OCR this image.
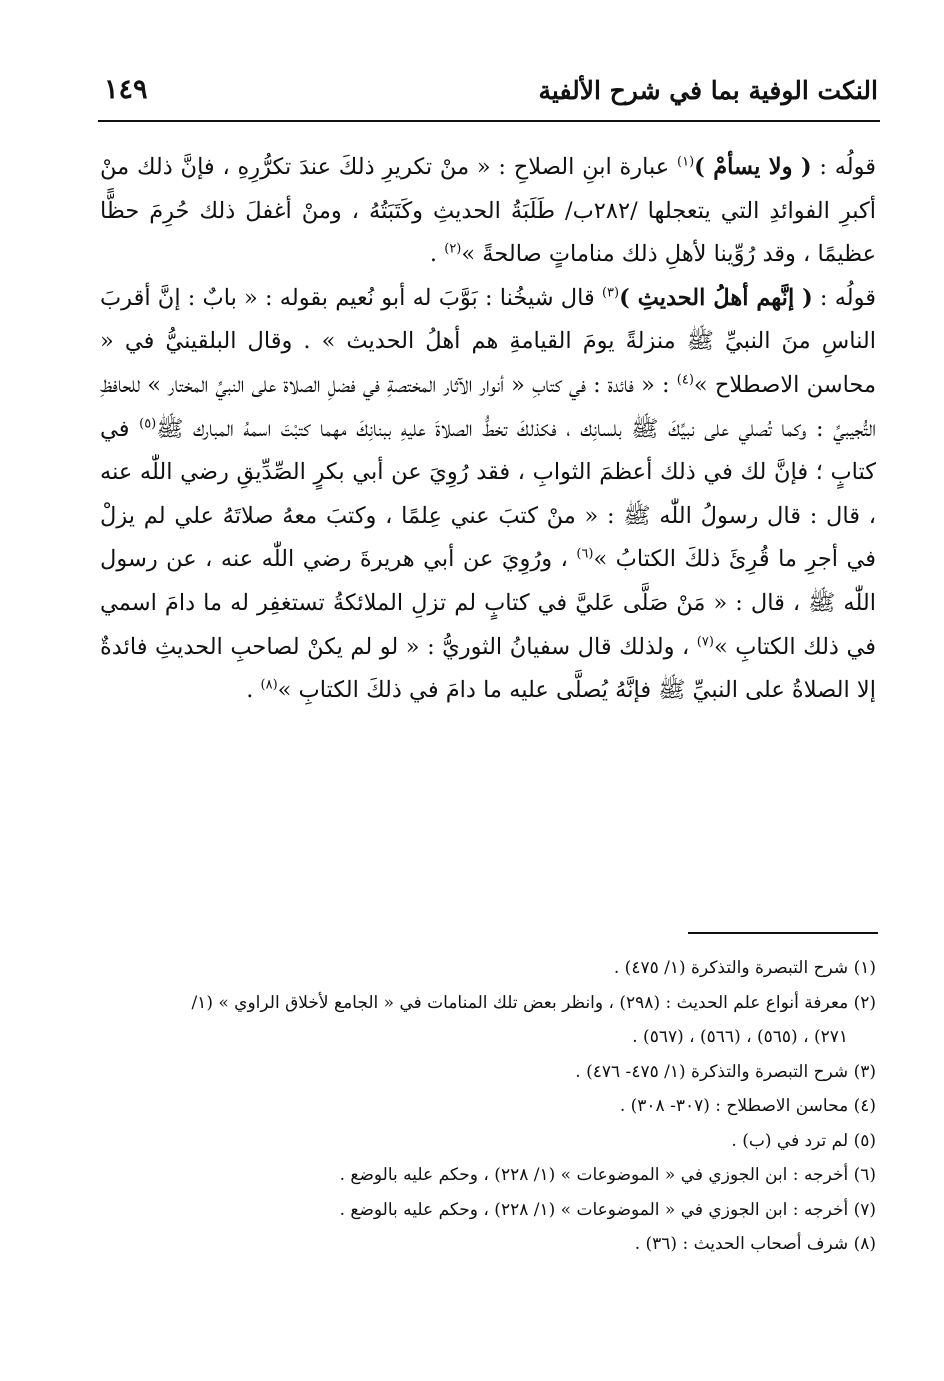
النكت الوفية بما في شرح الألفية
١٤٩

قولُه : ( ولا يسأمْ )$^{(١)}$ عبارة ابنِ الصلاحِ : « منْ تكريرِ ذلكَ عندَ تكرُّرِهِ ، فإنَّ ذلك منْ أكبرِ الفوائدِ التي يتعجلها /٢٨٢ب/ طَلَبَةُ الحديثِ وكَتَبَتُهُ ، ومنْ أغفلَ ذلك حُرِمَ حظًّا عظيمًا ، وقد رُوِّينا لأهلِ ذلك مناماتٍ صالحةً »$^{(٢)}$ .

قولُه : ( إنَّهم أهلُ الحديثِ )$^{(٣)}$ قال شيخُنا : بَوَّبَ له أبو نُعيم بقوله : « بابٌ : إنَّ أقربَ الناسِ منَ النبيِّ ﷺ منزلةً يومَ القيامةِ هم أهلُ الحديث » . وقال البلقينيُّ في « محاسن الاصطلاح »$^{(٤)}$ : « فائدة : في كتابِ « أنوار الآثار المختصةِ في فضلِ الصلاة على النبيِّ المختار » للحافظِ التُّجيبيِّ : وكما تُصلي على نبيِّكَ ﷺ بلسانِك ، فكذلكَ تخطُّ الصلاةَ عليهِ ببنانِكَ مهما كتبْتَ اسمهُ المبارك ﷺ$^{(٥)}$ في كتابٍ ؛ فإنَّ لك في ذلك أعظمَ الثوابِ ، فقد رُوِيَ عن أبي بكرٍ الصِّدِّيقِ رضي اللّٰه عنه ، قال : قال رسولُ اللّٰه ﷺ : « منْ كتبَ عني عِلمًا ، وكتبَ معهُ صلاتَهُ علي لم يزلْ في أجرِ ما قُرِئَ ذلكَ الكتابُ »$^{(٦)}$ ، ورُوِيَ عن أبي هريرةَ رضي اللّٰه عنه ، عن رسول اللّٰه ﷺ ، قال : « مَنْ صَلَّى عَليَّ في كتابٍ لم تزلِ الملائكةُ تستغفِر له ما دامَ اسمي في ذلك الكتابِ »$^{(٧)}$ ، ولذلك قال سفيانُ الثوريُّ : « لو لم يكنْ لصاحبِ الحديثِ فائدةٌ إلا الصلاةُ على النبيِّ ﷺ فإنَّهُ يُصلَّى عليه ما دامَ في ذلكَ الكتابِ »$^{(٨)}$ .

(١) شرح التبصرة والتذكرة (١/ ٤٧٥) .

(٢) معرفة أنواع علم الحديث : (٢٩٨) ، وانظر بعض تلك المنامات في « الجامع لأخلاق الراوي » (١/

٢٧١) ، (٥٦٥) ، (٥٦٦) ، (٥٦٧) .

(٣) شرح التبصرة والتذكرة (١/ ٤٧٥- ٤٧٦) .

(٤) محاسن الاصطلاح : (٣٠٧- ٣٠٨) .

(٥) لم ترد في (ب) .

(٦) أخرجه : ابن الجوزي في « الموضوعات » (١/ ٢٢٨) ، وحكم عليه بالوضع .

(٧) أخرجه : ابن الجوزي في « الموضوعات » (١/ ٢٢٨) ، وحكم عليه بالوضع .

(٨) شرف أصحاب الحديث : (٣٦) .
